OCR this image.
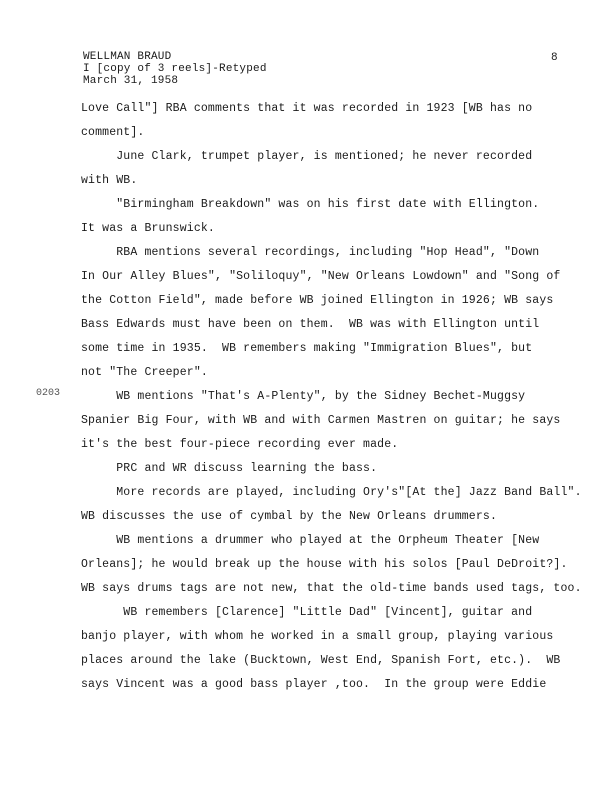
WELLMAN BRAUD
I [copy of 3 reels]-Retyped
March 31, 1958
8
0203
Love Call"] RBA comments that it was recorded in 1923 [WB has no
comment].
June Clark, trumpet player, is mentioned; he never recorded
with WB.
"Birmingham Breakdown" was on his first date with Ellington.
It was a Brunswick.
RBA mentions several recordings, including "Hop Head", "Down
In Our Alley Blues", "Soliloquy", "New Orleans Lowdown" and "Song of
the Cotton Field", made before WB joined Ellington in 1926; WB says
Bass Edwards must have been on them.  WB was with Ellington until
some time in 1935.  WB remembers making "Immigration Blues", but
not "The Creeper".
WB mentions "That's A-Plenty", by the Sidney Bechet-Muggsy
Spanier Big Four, with WB and with Carmen Mastren on guitar; he says
it's the best four-piece recording ever made.
PRC and WR discuss learning the bass.
More records are played, including Ory's"[At the] Jazz Band Ball".
WB discusses the use of cymbal by the New Orleans drummers.
WB mentions a drummer who played at the Orpheum Theater [New
Orleans]; he would break up the house with his solos [Paul DeDroit?].
WB says drums tags are not new, that the old-time bands used tags, too.
WB remembers [Clarence] "Little Dad" [Vincent], guitar and
banjo player, with whom he worked in a small group, playing various
places around the lake (Bucktown, West End, Spanish Fort, etc.).  WB
says Vincent was a good bass player ,too.  In the group were Eddie
